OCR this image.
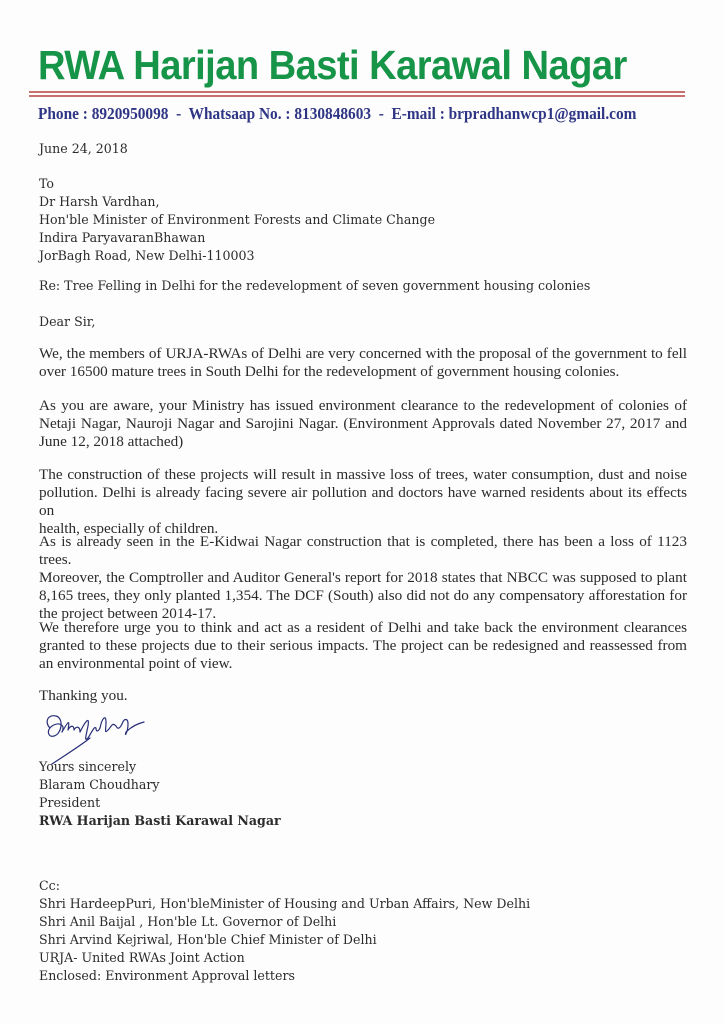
RWA Harijan Basti Karawal Nagar
Phone : 8920950098  -  Whatsaap No. : 8130848603  -  E-mail : brpradhanwcp1@gmail.com
June 24, 2018
To
Dr Harsh Vardhan,
Hon'ble Minister of Environment Forests and Climate Change
Indira ParyavaranBhawan
JorBagh Road, New Delhi-110003
Re: Tree Felling in Delhi for the redevelopment of seven government housing colonies
Dear Sir,
We, the members of URJA-RWAs of Delhi are very concerned with the proposal of the government to fell
over 16500 mature trees in South Delhi for the redevelopment of government housing colonies.
As you are aware, your Ministry has issued environment clearance to the redevelopment of colonies of
Netaji Nagar, Nauroji Nagar and Sarojini Nagar. (Environment Approvals dated November 27, 2017 and
June 12, 2018 attached)
The construction of these projects will result in massive loss of trees, water consumption, dust and noise
pollution. Delhi is already facing severe air pollution and doctors have warned residents about its effects on
health, especially of children.
As is already seen in the E-Kidwai Nagar construction that is completed, there has been a loss of 1123 trees.
Moreover, the Comptroller and Auditor General's report for 2018 states that NBCC was supposed to plant
8,165 trees, they only planted 1,354. The DCF (South) also did not do any compensatory afforestation for
the project between 2014-17.
We therefore urge you to think and act as a resident of Delhi and take back the environment clearances
granted to these projects due to their serious impacts. The project can be redesigned and reassessed from
an environmental point of view.
Thanking you.
Yours sincerely
Blaram Choudhary
President
RWA Harijan Basti Karawal Nagar
Cc:
Shri HardeepPuri, Hon'bleMinister of Housing and Urban Affairs, New Delhi
Shri Anil Baijal , Hon'ble Lt. Governor of Delhi
Shri Arvind Kejriwal, Hon'ble Chief Minister of Delhi
URJA- United RWAs Joint Action
Enclosed: Environment Approval letters
